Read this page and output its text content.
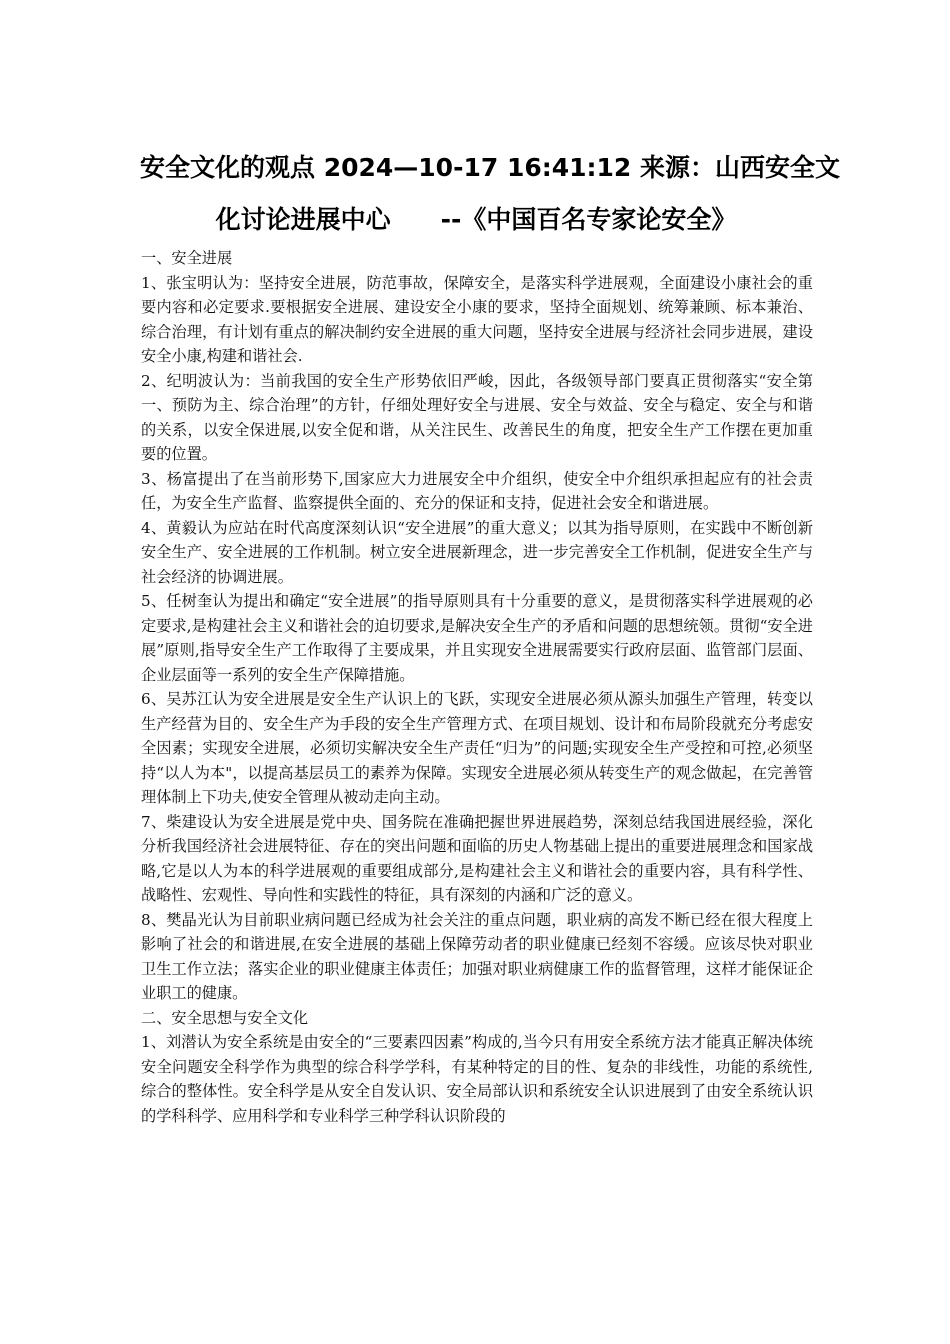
安全文化的观点 2024—10-17 16:41:12 来源：山西安全文
化讨论进展中心　　--《中国百名专家论安全》

一、安全进展

1、张宝明认为：坚持安全进展，防范事故，保障安全，是落实科学进展观，全面建设小康社会的重要内容和必定要求.要根据安全进展、建设安全小康的要求，坚持全面规划、统筹兼顾、标本兼治、综合治理，有计划有重点的解决制约安全进展的重大问题，坚持安全进展与经济社会同步进展，建设安全小康,构建和谐社会.

2、纪明波认为：当前我国的安全生产形势依旧严峻，因此，各级领导部门要真正贯彻落实“安全第一、预防为主、综合治理”的方针，仔细处理好安全与进展、安全与效益、安全与稳定、安全与和谐的关系，以安全保进展,以安全促和谐，从关注民生、改善民生的角度，把安全生产工作摆在更加重要的位置。

3、杨富提出了在当前形势下,国家应大力进展安全中介组织，使安全中介组织承担起应有的社会责任，为安全生产监督、监察提供全面的、充分的保证和支持，促进社会安全和谐进展。

4、黄毅认为应站在时代高度深刻认识“安全进展”的重大意义；以其为指导原则，在实践中不断创新安全生产、安全进展的工作机制。树立安全进展新理念，进一步完善安全工作机制，促进安全生产与社会经济的协调进展。

5、任树奎认为提出和确定“安全进展”的指导原则具有十分重要的意义，是贯彻落实科学进展观的必定要求,是构建社会主义和谐社会的迫切要求,是解决安全生产的矛盾和问题的思想统领。贯彻“安全进展”原则,指导安全生产工作取得了主要成果，并且实现安全进展需要实行政府层面、监管部门层面、企业层面等一系列的安全生产保障措施。

6、吴苏江认为安全进展是安全生产认识上的飞跃，实现安全进展必须从源头加强生产管理，转变以生产经营为目的、安全生产为手段的安全生产管理方式、在项目规划、设计和布局阶段就充分考虑安全因素；实现安全进展，必须切实解决安全生产责任“归为”的问题;实现安全生产受控和可控,必须坚持“以人为本"，以提高基层员工的素养为保障。实现安全进展必须从转变生产的观念做起，在完善管理体制上下功夫,使安全管理从被动走向主动。

7、柴建设认为安全进展是党中央、国务院在准确把握世界进展趋势，深刻总结我国进展经验，深化分析我国经济社会进展特征、存在的突出问题和面临的历史人物基础上提出的重要进展理念和国家战略,它是以人为本的科学进展观的重要组成部分,是构建社会主义和谐社会的重要内容，具有科学性、战略性、宏观性、导向性和实践性的特征，具有深刻的内涵和广泛的意义。

8、樊晶光认为目前职业病问题已经成为社会关注的重点问题，职业病的高发不断已经在很大程度上影响了社会的和谐进展,在安全进展的基础上保障劳动者的职业健康已经刻不容缓。应该尽快对职业卫生工作立法；落实企业的职业健康主体责任；加强对职业病健康工作的监督管理，这样才能保证企业职工的健康。

二、安全思想与安全文化

1、刘潜认为安全系统是由安全的“三要素四因素”构成的,当今只有用安全系统方法才能真正解决体统安全问题安全科学作为典型的综合科学学科，有某种特定的目的性、复杂的非线性，功能的系统性,综合的整体性。安全科学是从安全自发认识、安全局部认识和系统安全认识进展到了由安全系统认识的学科科学、应用科学和专业科学三种学科认识阶段的
